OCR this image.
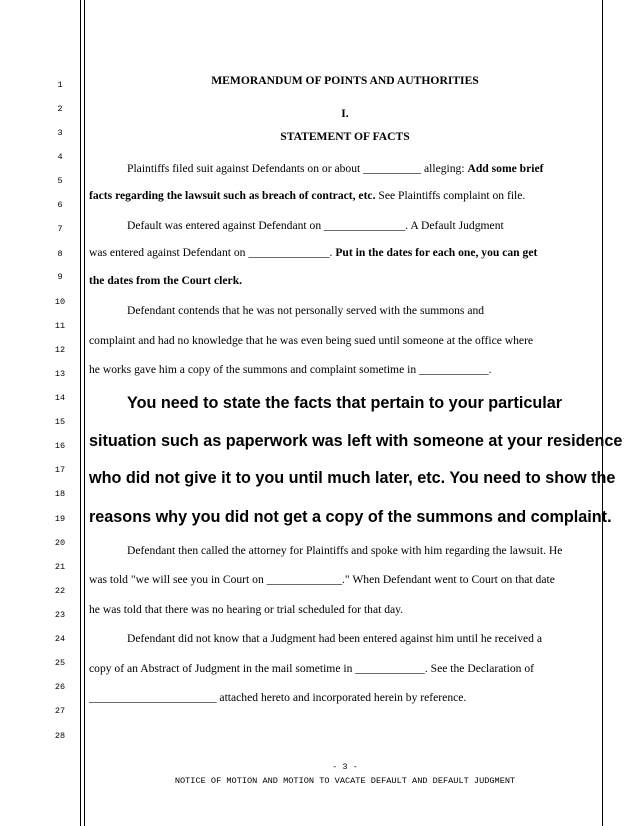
1
2
3
4
5
6
7
8
9
10
11
12
13
14
15
16
17
18
19
20
21
22
23
24
25
26
27
28
MEMORANDUM OF POINTS AND AUTHORITIES
I.
STATEMENT OF FACTS
Plaintiffs filed suit against Defendants on or about __________ alleging: Add some brief
facts regarding the lawsuit such as breach of contract, etc. See Plaintiffs complaint on file.
Default was entered against Defendant on ______________. A Default Judgment
was entered against Defendant on ______________. Put in the dates for each one, you can get
the dates from the Court clerk.
Defendant contends that he was not personally served with the summons and
complaint and had no knowledge that he was even being sued until someone at the office where
he works gave him a copy of the summons and complaint sometime in ____________.
You need to state the facts that pertain to your particular
situation such as paperwork was left with someone at your residence
who did not give it to you until much later, etc. You need to show the
reasons why you did not get a copy of the summons and complaint.
Defendant then called the attorney for Plaintiffs and spoke with him regarding the lawsuit. He
was told "we will see you in Court on _____________." When Defendant went to Court on that date
he was told that there was no hearing or trial scheduled for that day.
Defendant did not know that a Judgment had been entered against him until he received a
copy of an Abstract of Judgment in the mail sometime in ____________. See the Declaration of
______________________ attached hereto and incorporated herein by reference.
- 3 -
NOTICE OF MOTION AND MOTION TO VACATE DEFAULT AND DEFAULT JUDGMENT
